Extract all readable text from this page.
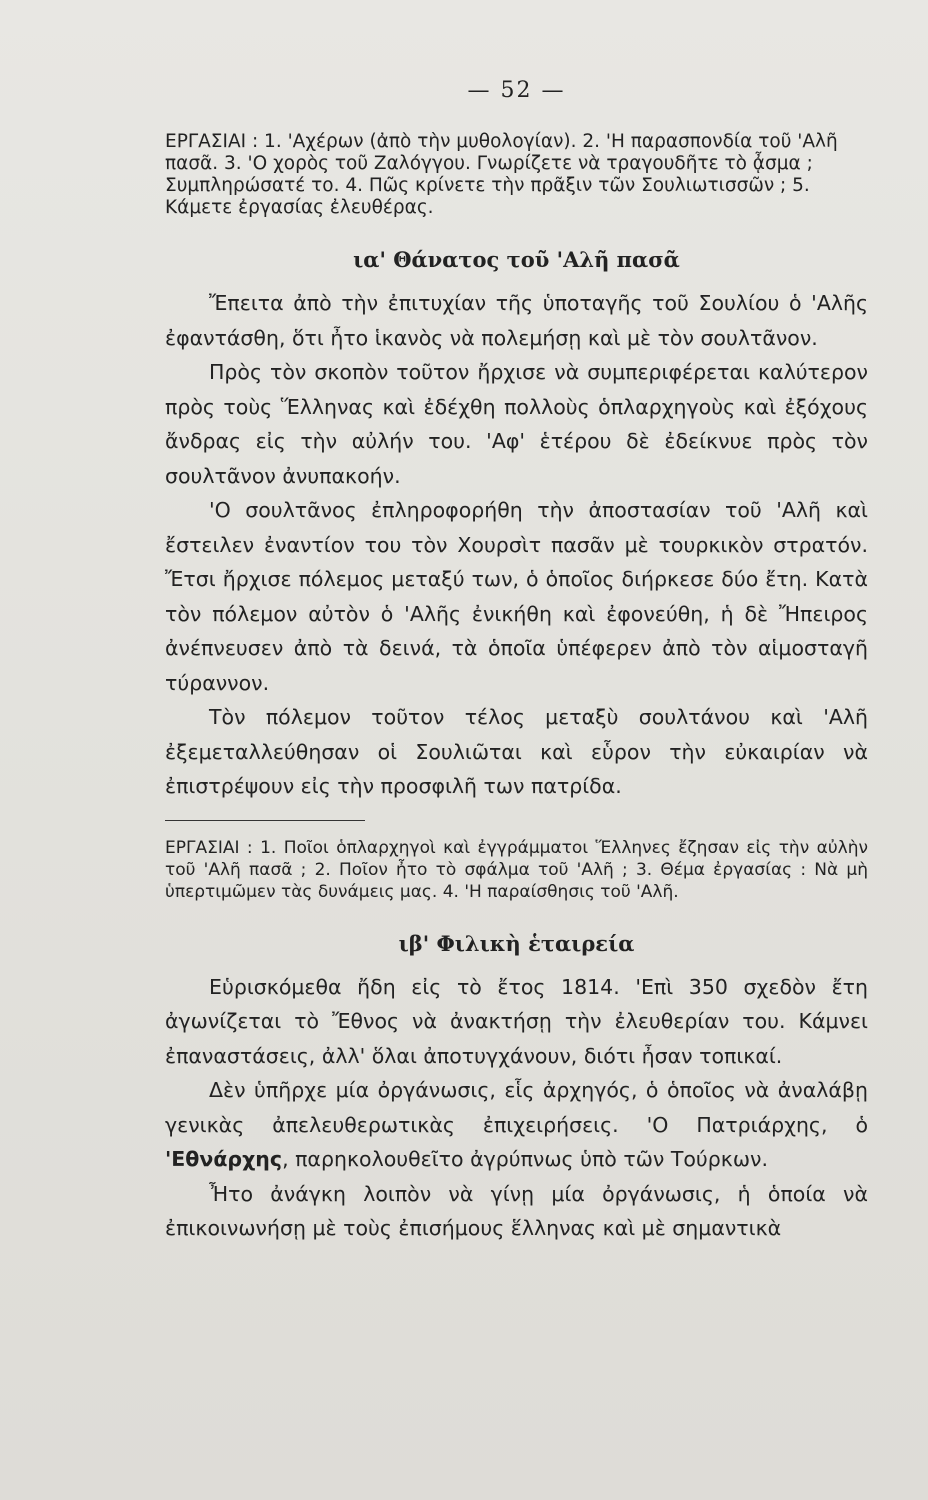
— 52 —

ΕΡΓΑΣΙΑΙ : 1. 'Αχέρων (ἀπὸ τὴν μυθολογίαν). 2. 'Η παρασπονδία τοῦ 'Αλῆ πασᾶ. 3. 'Ο χορὸς τοῦ Ζαλόγγου. Γνωρίζετε νὰ τραγουδῆτε τὸ ᾆσμα ; Συμπληρώσατέ το. 4. Πῶς κρίνετε τὴν πρᾶξιν τῶν Σουλιωτισσῶν ; 5. Κάμετε ἐργασίας ἐλευθέρας.

ια' Θάνατος τοῦ 'Αλῆ πασᾶ

Ἔπειτα ἀπὸ τὴν ἐπιτυχίαν τῆς ὑποταγῆς τοῦ Σουλίου ὁ 'Αλῆς ἐφαντάσθη, ὅτι ἦτο ἱκανὸς νὰ πολεμήσῃ καὶ μὲ τὸν σουλτᾶνον.

Πρὸς τὸν σκοπὸν τοῦτον ἤρχισε νὰ συμπεριφέρεται καλύτερον πρὸς τοὺς Ἕλληνας καὶ ἐδέχθη πολλοὺς ὁπλαρχηγοὺς καὶ ἐξόχους ἄνδρας εἰς τὴν αὐλήν του. 'Αφ' ἑτέρου δὲ ἐδείκνυε πρὸς τὸν σουλτᾶνον ἀνυπακοήν.

'Ο σουλτᾶνος ἐπληροφορήθη τὴν ἀποστασίαν τοῦ 'Αλῆ καὶ ἔστειλεν ἐναντίον του τὸν Χουρσὶτ πασᾶν μὲ τουρκικὸν στρατόν. Ἔτσι ἤρχισε πόλεμος μεταξύ των, ὁ ὁποῖος διήρκεσε δύο ἔτη. Κατὰ τὸν πόλεμον αὐτὸν ὁ 'Αλῆς ἐνικήθη καὶ ἐφονεύθη, ἡ δὲ Ἤπειρος ἀνέπνευσεν ἀπὸ τὰ δεινά, τὰ ὁποῖα ὑπέφερεν ἀπὸ τὸν αἱμοσταγῆ τύραννον.

Τὸν πόλεμον τοῦτον τέλος μεταξὺ σουλτάνου καὶ 'Αλῆ ἐξεμεταλλεύθησαν οἱ Σουλιῶται καὶ εὗρον τὴν εὐκαιρίαν νὰ ἐπιστρέψουν εἰς τὴν προσφιλῆ των πατρίδα.

ΕΡΓΑΣΙΑΙ : 1. Ποῖοι ὁπλαρχηγοὶ καὶ ἐγγράμματοι Ἕλληνες ἔζησαν εἰς τὴν αὐλὴν τοῦ 'Αλῆ πασᾶ ; 2. Ποῖον ἦτο τὸ σφάλμα τοῦ 'Αλῆ ; 3. Θέμα ἐργασίας : Νὰ μὴ ὑπερτιμῶμεν τὰς δυνάμεις μας. 4. 'Η παραίσθησις τοῦ 'Αλῆ.

ιβ' Φιλικὴ ἑταιρεία

Εὑρισκόμεθα ἤδη εἰς τὸ ἔτος 1814. 'Επὶ 350 σχεδὸν ἔτη ἀγωνίζεται τὸ Ἔθνος νὰ ἀνακτήσῃ τὴν ἐλευθερίαν του. Κάμνει ἐπαναστάσεις, ἀλλ' ὅλαι ἀποτυγχάνουν, διότι ἦσαν τοπικαί.

Δὲν ὑπῆρχε μία ὀργάνωσις, εἷς ἀρχηγός, ὁ ὁποῖος νὰ ἀναλάβῃ γενικὰς ἀπελευθερωτικὰς ἐπιχειρήσεις. 'Ο Πατριάρχης, ὁ 'Εθνάρχης, παρηκολουθεῖτο ἀγρύπνως ὑπὸ τῶν Τούρκων.

Ἦτο ἀνάγκη λοιπὸν νὰ γίνῃ μία ὀργάνωσις, ἡ ὁποία νὰ ἐπικοινωνήσῃ μὲ τοὺς ἐπισήμους ἕλληνας καὶ μὲ σημαντικὰ
